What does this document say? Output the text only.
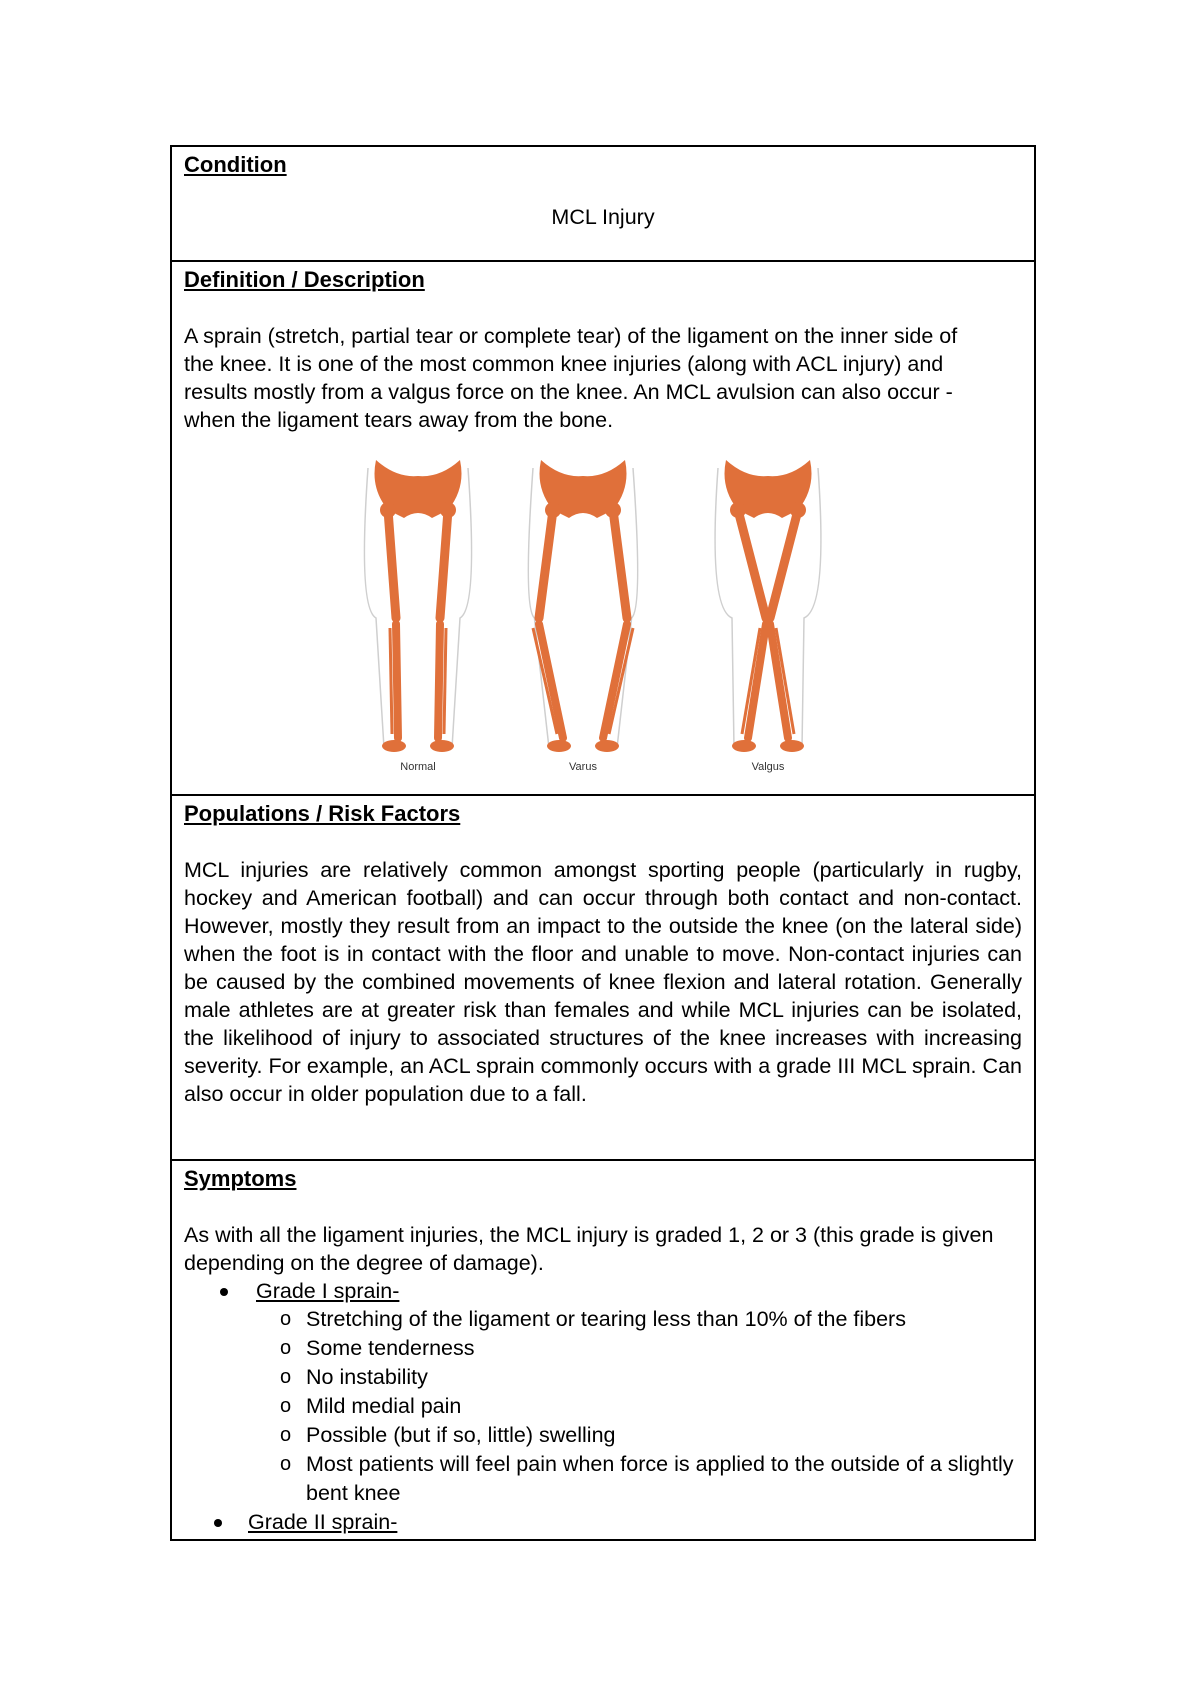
Condition

MCL Injury

Definition / Description

A sprain (stretch, partial tear or complete tear) of the ligament on the inner side of the knee. It is one of the most common knee injuries (along with ACL injury) and results mostly from a valgus force on the knee. An MCL avulsion can also occur - when the ligament tears away from the bone.

Normal	Varus	Valgus

Populations / Risk Factors

MCL injuries are relatively common amongst sporting people (particularly in rugby, hockey and American football) and can occur through both contact and non-contact. However, mostly they result from an impact to the outside the knee (on the lateral side) when the foot is in contact with the floor and unable to move. Non-contact injuries can be caused by the combined movements of knee flexion and lateral rotation. Generally male athletes are at greater risk than females and while MCL injuries can be isolated, the likelihood of injury to associated structures of the knee increases with increasing severity. For example, an ACL sprain commonly occurs with a grade III MCL sprain. Can also occur in older population due to a fall.

Symptoms

As with all the ligament injuries, the MCL injury is graded 1, 2 or 3 (this grade is given depending on the degree of damage).

Grade I sprain-
o Stretching of the ligament or tearing less than 10% of the fibers
o Some tenderness
o No instability
o Mild medial pain
o Possible (but if so, little) swelling
o Most patients will feel pain when force is applied to the outside of a slightly bent knee
Grade II sprain-
